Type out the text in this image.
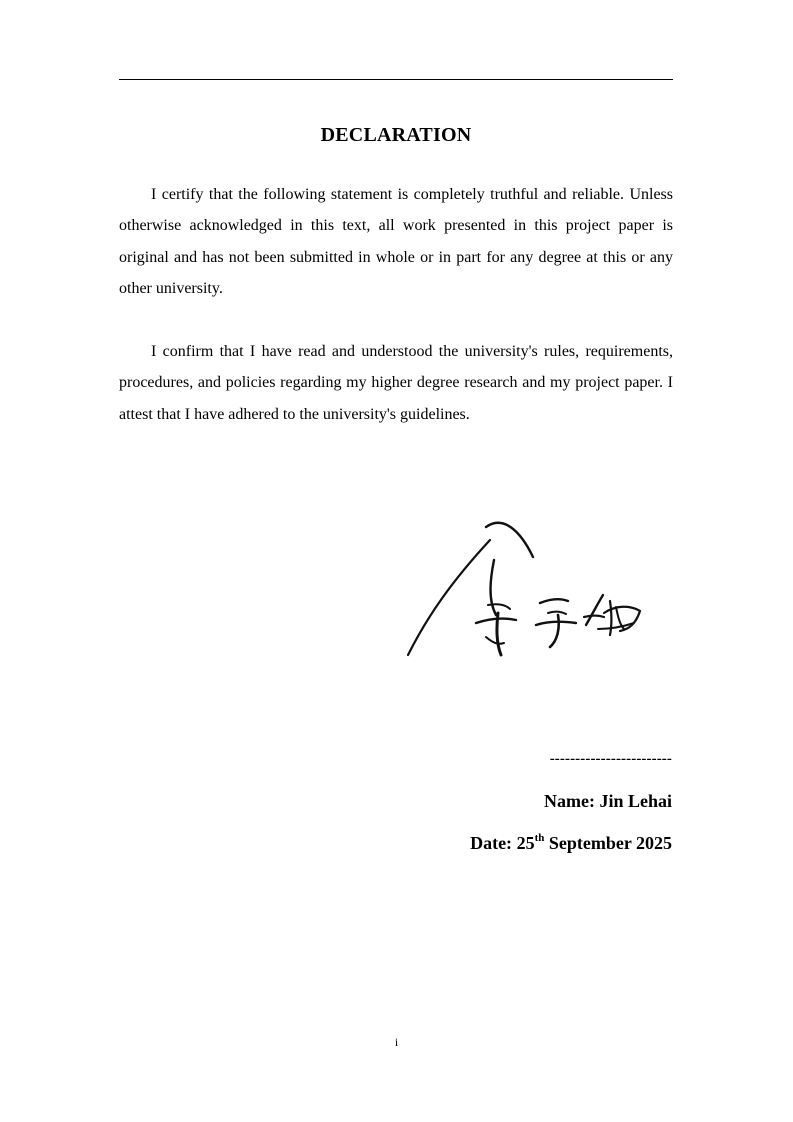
DECLARATION

I certify that the following statement is completely truthful and reliable. Unless otherwise acknowledged in this text, all work presented in this project paper is original and has not been submitted in whole or in part for any degree at this or any other university.

I confirm that I have read and understood the university's rules, requirements, procedures, and policies regarding my higher degree research and my project paper. I attest that I have adhered to the university's guidelines.

------------------------
Name: Jin Lehai
Date: 25th September 2025
i
